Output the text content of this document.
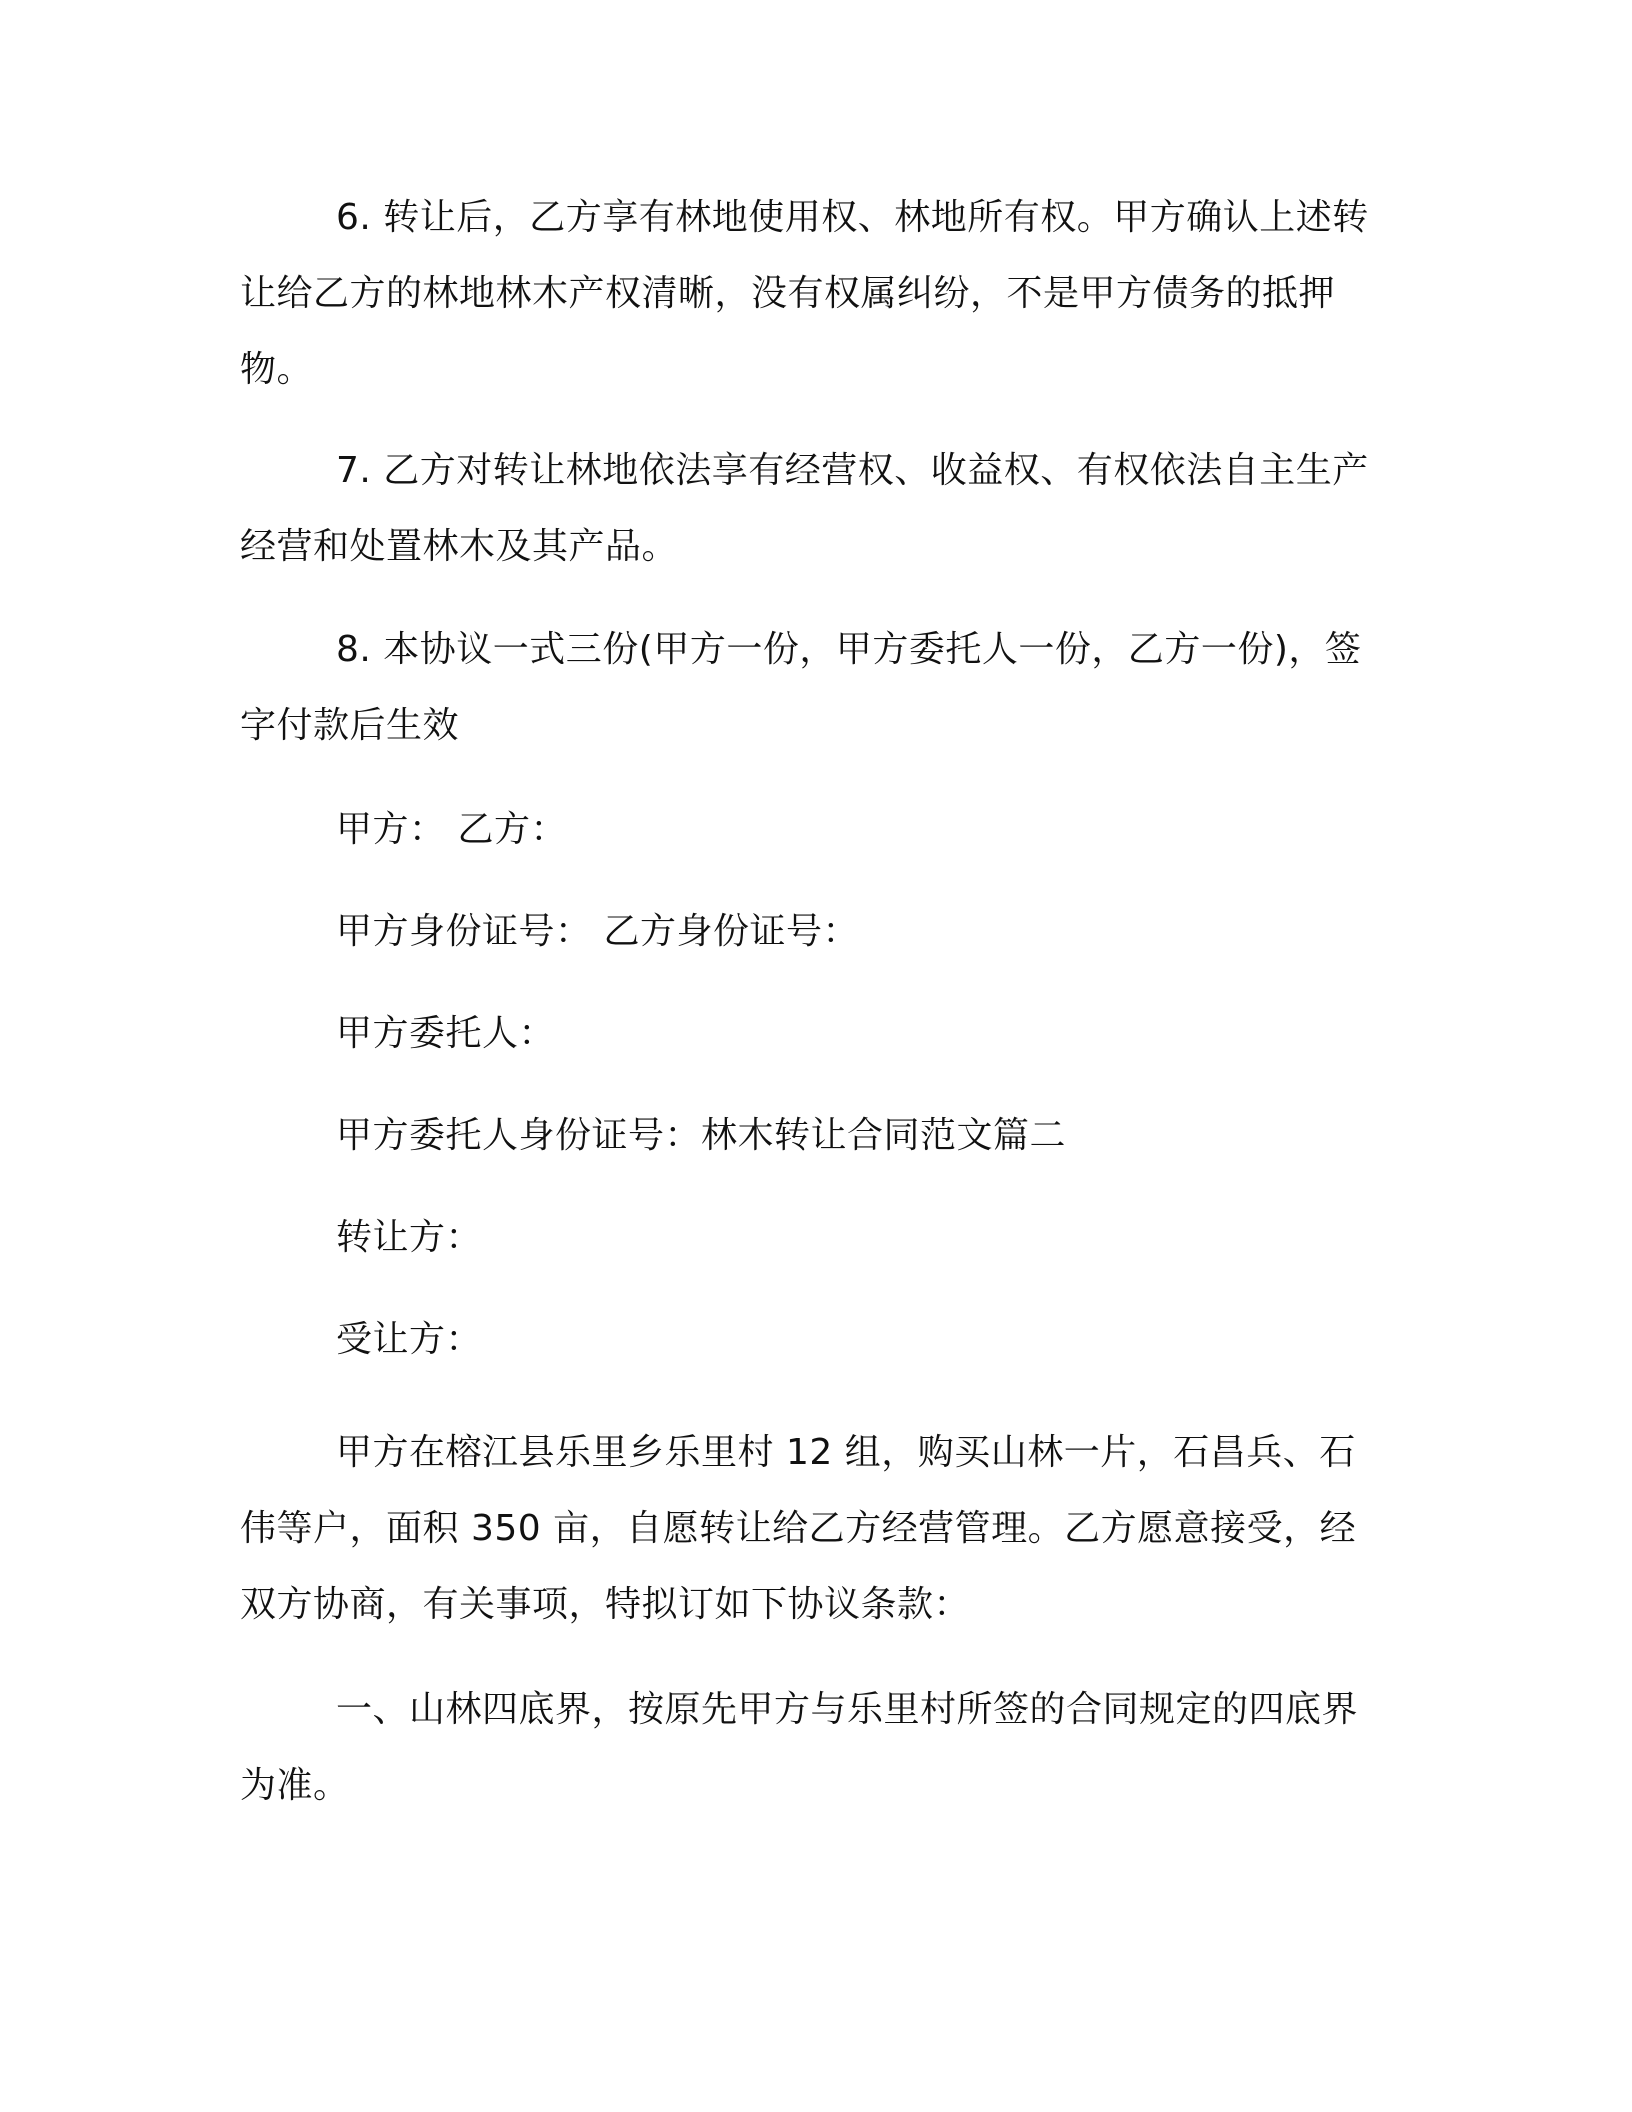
6. 转让后，乙方享有林地使用权、林地所有权。甲方确认上述转让给乙方的林地林木产权清晰，没有权属纠纷，不是甲方债务的抵押物。

7. 乙方对转让林地依法享有经营权、收益权、有权依法自主生产经营和处置林木及其产品。

8. 本协议一式三份(甲方一份，甲方委托人一份，乙方一份)，签字付款后生效

甲方： 乙方：

甲方身份证号： 乙方身份证号：

甲方委托人：

甲方委托人身份证号：林木转让合同范文篇二

转让方：

受让方：

甲方在榕江县乐里乡乐里村 12 组，购买山林一片，石昌兵、石伟等户，面积 350 亩，自愿转让给乙方经营管理。乙方愿意接受，经双方协商，有关事项，特拟订如下协议条款：

一、山林四底界，按原先甲方与乐里村所签的合同规定的四底界为准。
